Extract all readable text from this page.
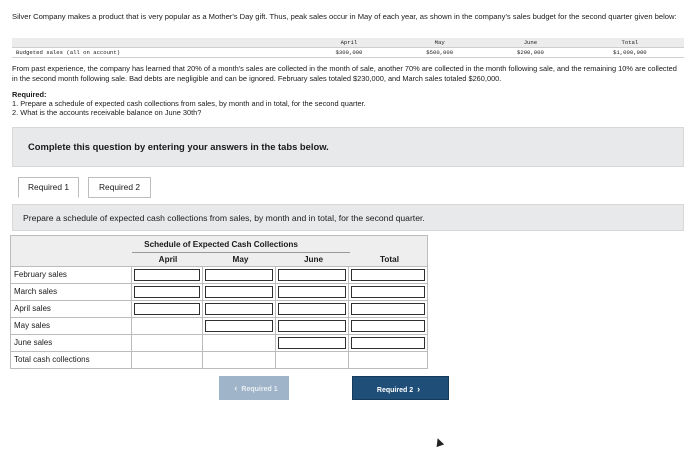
Silver Company makes a product that is very popular as a Mother's Day gift. Thus, peak sales occur in May of each year, as shown in the company's sales budget for the second quarter given below:
	April	May	June	Total
Budgeted sales (all on account)	$300,000	$500,000	$200,000	$1,000,000
From past experience, the company has learned that 20% of a month's sales are collected in the month of sale, another 70% are collected in the month following sale, and the remaining 10% are collected in the second month following sale. Bad debts are negligible and can be ignored. February sales totaled $230,000, and March sales totaled $260,000.
Required:
1. Prepare a schedule of expected cash collections from sales, by month and in total, for the second quarter.
2. What is the accounts receivable balance on June 30th?
Complete this question by entering your answers in the tabs below.
Required 1	Required 2
Prepare a schedule of expected cash collections from sales, by month and in total, for the second quarter.
Schedule of Expected Cash Collections
April	May	June	Total
February sales
March sales
April sales
May sales
June sales
Total cash collections
‹ Required 1	Required 2 ›
